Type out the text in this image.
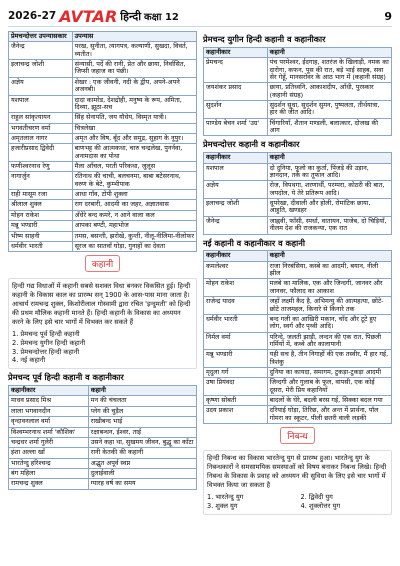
2026-27 AVTAR हिन्दी कक्षा 12	9
प्रेमचन्दोत्तर उपन्यासकार	उपन्यास
जैनेन्द्र	परख, सुनीता, त्यागपत्र, कल्याणी, सुखदा, विवर्त, व्यतीत।
इलाचन्द्र जोशी	संन्यासी, पर्दे की रानी, प्रेत और छाया, निर्वासित, जिप्सी जहाज का पंछी।
अज्ञेय	शेखर : एक जीवनी, नदी के द्वीप, अपने-अपने अजनबी।
यशपाल	दादा कामरेड, देशद्रोही, मनुष्य के रूप, अमिता, दिव्या, झूठा-सच
राहुल सांकृत्यायन	सिंह सेनापति, जय यौधेय, विस्मृत यात्री।
भगवतीचरण वर्मा	चित्रलेखा
अमृतलाल नागर	अमृत और विष, बूँद और समुद्र, सुहाग के नूपुर।
हजारीप्रसाद द्विवेदी	बाणभट्ट की आत्मकथा, चारु चन्द्रलेख, पुनर्नवा, अनामदास का पोथा
फणीश्वरनाथ रेणु	मैला आँचल, परती परिकथा, जुलूस
नागार्जुन	रतिनाथ की चाची, बलचनमा, बाबा बटेसरनाथ, वरुण के बेटे, कुम्भीपाक
राही मासूम रजा	आधा गाँव, टोपी शुक्ला
श्रीलाल शुक्ल	राग दरबारी, आदमी का जहर, अज्ञातवास
मोहन राकेश	अँधेरे बन्द कमरे, न आने वाला कल
मन्नू भण्डारी	आपका बण्टी, महाभोज
भीष्म साहनी	तमस, बसन्ती, झरोखे, कुन्ती, नीलू-नीलिमा-नीलोफर
धर्मवीर भारती	सूरज का सातवाँ घोड़ा, गुनाहों का देवता
कहानी

हिन्दी गद्य विधाओं में कहानी सबसे सशक्त विधा बनकर विकसित हुई। हिन्दी कहानी के विकास काल का प्रारम्भ सन् 1900 के आस-पास माना जाता है। आचार्य रामचन्द्र शुक्ल, किशोरीलाल गोस्वामी द्वारा रचित 'इन्दुमती' को हिन्दी की प्रथम मौलिक कहानी मानते हैं। हिन्दी कहानी के विकास का अध्ययन करने के लिए इसे चार भागों में विभक्त कर सकते हैं

1. प्रेमचन्द पूर्व हिन्दी कहानी
2. प्रेमचन्द युगीन हिन्दी कहानी
3. प्रेमचन्दोत्तर हिन्दी कहानी
4. नई कहानी
प्रेमचन्द पूर्व हिन्दी कहानी व कहानीकार
कहानीकार	कहानी
माधव प्रसाद मिश्र	मन की चंचलता
लाला भगवानदीन	प्लेग की चुड़ैल
वृन्दावनलाल वर्मा	राखीबन्द भाई
विश्वम्भरनाथ शर्मा 'कौशिक'	रक्षाबन्धन, ईश्वर, ताई
चन्द्रधर शर्मा गुलेरी	उसने कहा था, सुखमय जीवन, बुद्धू का काँटा
इंशा अल्ला खाँ	रानी केतकी की कहानी
भारतेन्दु हरिश्चन्द्र	अद्भुत अपूर्व स्वप्न
बंग महिला	दुलाईवाली
रामचन्द्र शुक्ल	ग्यारह वर्ष का समय
प्रेमचन्द युगीन हिन्दी कहानी व कहानीकार
कहानीकार	कहानी
प्रेमचन्द	पंच परमेश्वर, ईदगाह, शतरंज के खिलाड़ी, नमक का दारोगा, कफन, पूस की रात, बड़े भाई साहब, सवा सेर गेहूँ, मानसरोवर के आठ भाग में (कहानी संग्रह)
जयशंकर प्रसाद	छाया, प्रतिध्वनि, आकाशदीप, आँधी, पुरस्कार (कहानी संग्रह)
सुदर्शन	सुदर्शन सुधा, सुदर्शन सुमन, पुष्पलता, तीर्थयात्रा, हार की जीत आदि।
पाण्डेय बेचन शर्मा 'उग्र'	चिंगारियाँ, शैतान मण्डली, बलात्कार, दोजख की आग
प्रेमचन्दोत्तर कहानी व कहानीकार
कहानीकार	कहानी
यशपाल	दो दुनिया, फूलो का कुर्ता, पिंजड़े की उड़ान, ज्ञानदान, तर्क का तूफान आदि।
अज्ञेय	रोज, विपथगा, शरणार्थी, परम्परा, कोठरी की बात, जयदोल, ये तेरे प्रतिरूप आदि।
इलाचन्द्र जोशी	धूपरेखा, दीवाली और होली, रोमांटिक छाया, आहुति, खण्डहर
जैनेन्द्र	जाह्नवी, फाँसी, स्पर्धा, वातायन, पाजेब, दो चिड़ियाँ, नीलम देश की राजकन्या, एक रात
नई कहानी व कहानीकार व कहानी
कहानीकार	कहानी
कमलेश्वर	राजा निरबंसिया, कस्बे का आदमी, बयान, नीली झील
मोहन राकेश	मलबे का मालिक, एक और जिन्दगी, जानवर और जानवर, फौलाद का आकाश
राजेन्द्र यादव	जहाँ लक्ष्मी कैद है, अभिमन्यु की आत्महत्या, छोटे-छोटे ताजमहल, किनारे से किनारे तक
धर्मवीर भारती	बन्द गली का आखिरी मकान, चाँद और टूटे हुए लोग, स्वर्ग और पृथ्वी आदि।
निर्मल वर्मा	परिन्दे, जलती झाड़ी, लन्दन की एक रात, पिछली गर्मियों में, कव्वे और कालापानी
मन्नू भण्डारी	यही सच है, तीन निगाहों की एक तस्वीर, मैं हार गई, त्रिशंकु
मृदुला गर्ग	दुनिया का कायदा, समागम, टुकड़ा-टुकड़ा आदमी
उषा प्रियंवदा	जिन्दगी और गुलाब के फूल, वापसी, एक कोई दूसरा, मेरी प्रिय कहानियाँ
कृष्णा सोबती	बादलों के घेरे, बदली बरस गई, सिक्का बदल गया
उदय प्रकाश	दरियाई घोड़ा, तिरिछ, और अन्त में प्रार्थना, पॉल गोमरा का स्कूटर, पीली छतरी वाली लड़की
निबन्ध

हिन्दी निबन्ध का विकास भारतेन्दु युग से प्रारम्भ हुआ। भारतेन्दु युग के निबन्धकारों ने समसामयिक समस्याओं को विषय बनाकर निबन्ध लिखे। हिन्दी निबन्ध के विकास के प्रवाह को अध्ययन की सुविधा के लिए इसे चार भागों में विभक्त किया जा सकता है

1. भारतेन्दु युग	2. द्विवेदी युग
3. शुक्ल युग	4. शुक्लोत्तर युग
